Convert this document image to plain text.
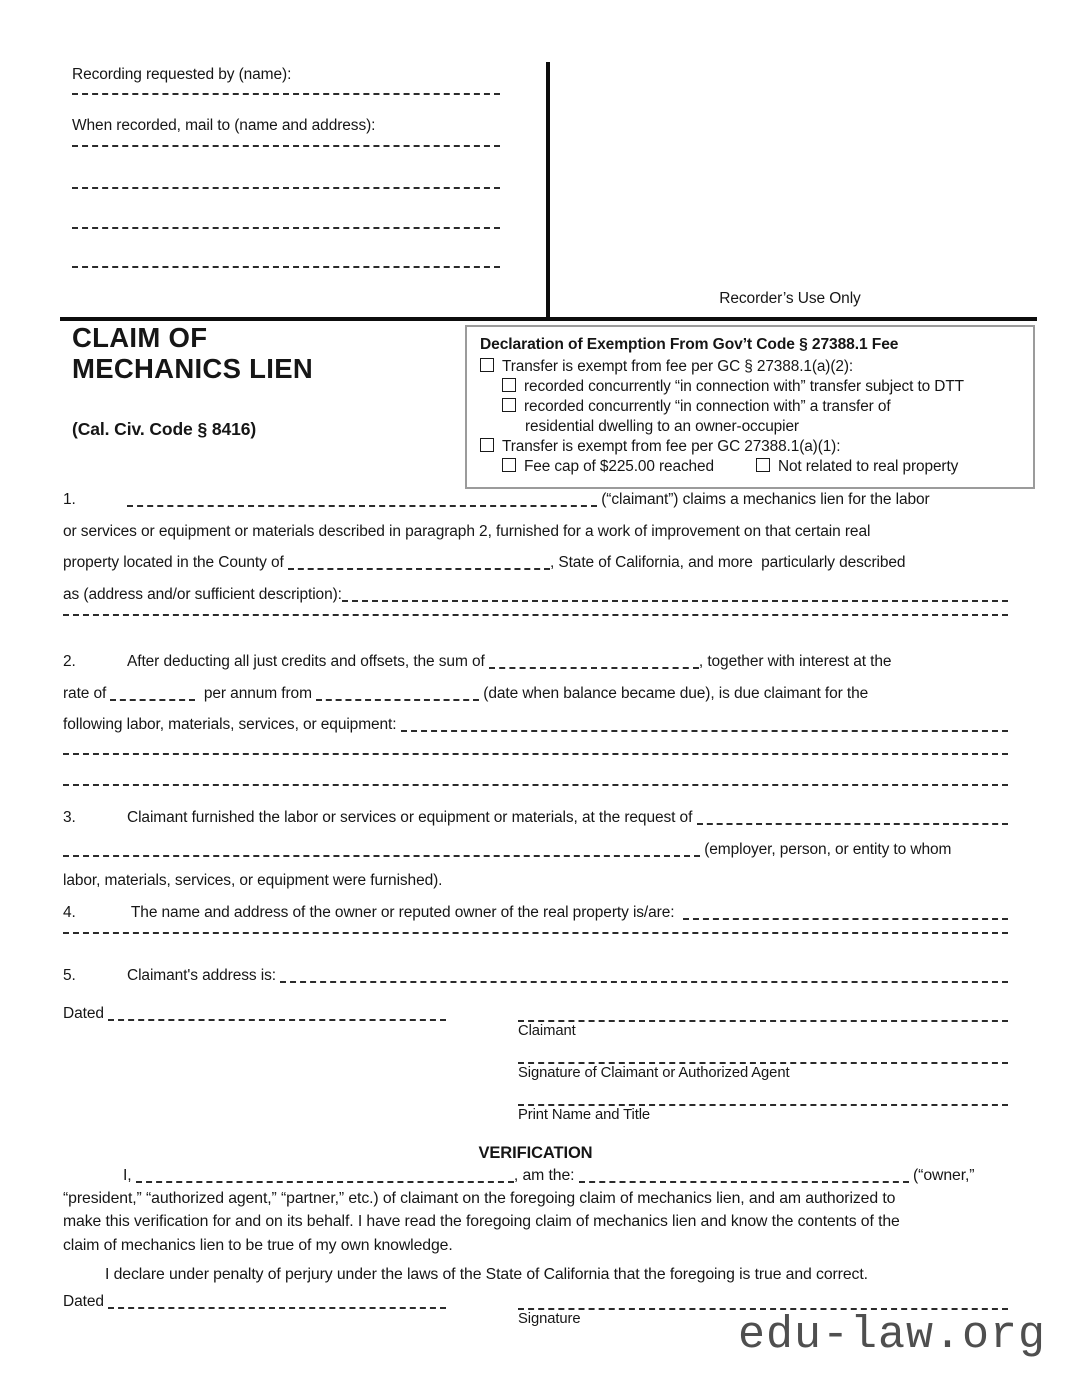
Recording requested by (name):
When recorded, mail to (name and address):
Recorder’s Use Only
CLAIM OF
MECHANICS LIEN
(Cal. Civ. Code § 8416)
Declaration of Exemption From Gov’t Code § 27388.1 Fee
Transfer is exempt from fee per GC § 27388.1(a)(2):
recorded concurrently “in connection with” transfer subject to DTT
recorded concurrently “in connection with” a transfer of
residential dwelling to an owner-occupier
Transfer is exempt from fee per GC 27388.1(a)(1):
Fee cap of $225.00 reached	Not related to real property
1.	(“claimant”) claims a mechanics lien for the labor
or services or equipment or materials described in paragraph 2, furnished for a work of improvement on that certain real
property located in the County of	, State of California, and more  particularly described
as (address and/or sufficient description):
2.	After deducting all just credits and offsets, the sum of	, together with interest at the
rate of	per annum from	(date when balance became due), is due claimant for the
following labor, materials, services, or equipment:
3.	Claimant furnished the labor or services or equipment or materials, at the request of
(employer, person, or entity to whom
labor, materials, services, or equipment were furnished).
4.	The name and address of the owner or reputed owner of the real property is/are:
5.	Claimant's address is:
Dated
Claimant
Signature of Claimant or Authorized Agent
Print Name and Title
VERIFICATION
I,	, am the:	(“owner,”
“president,” “authorized agent,” “partner,” etc.) of claimant on the foregoing claim of mechanics lien, and am authorized to
make this verification for and on its behalf. I have read the foregoing claim of mechanics lien and know the contents of the
claim of mechanics lien to be true of my own knowledge.
I declare under penalty of perjury under the laws of the State of California that the foregoing is true and correct.
Dated
Signature	edu-law.org
